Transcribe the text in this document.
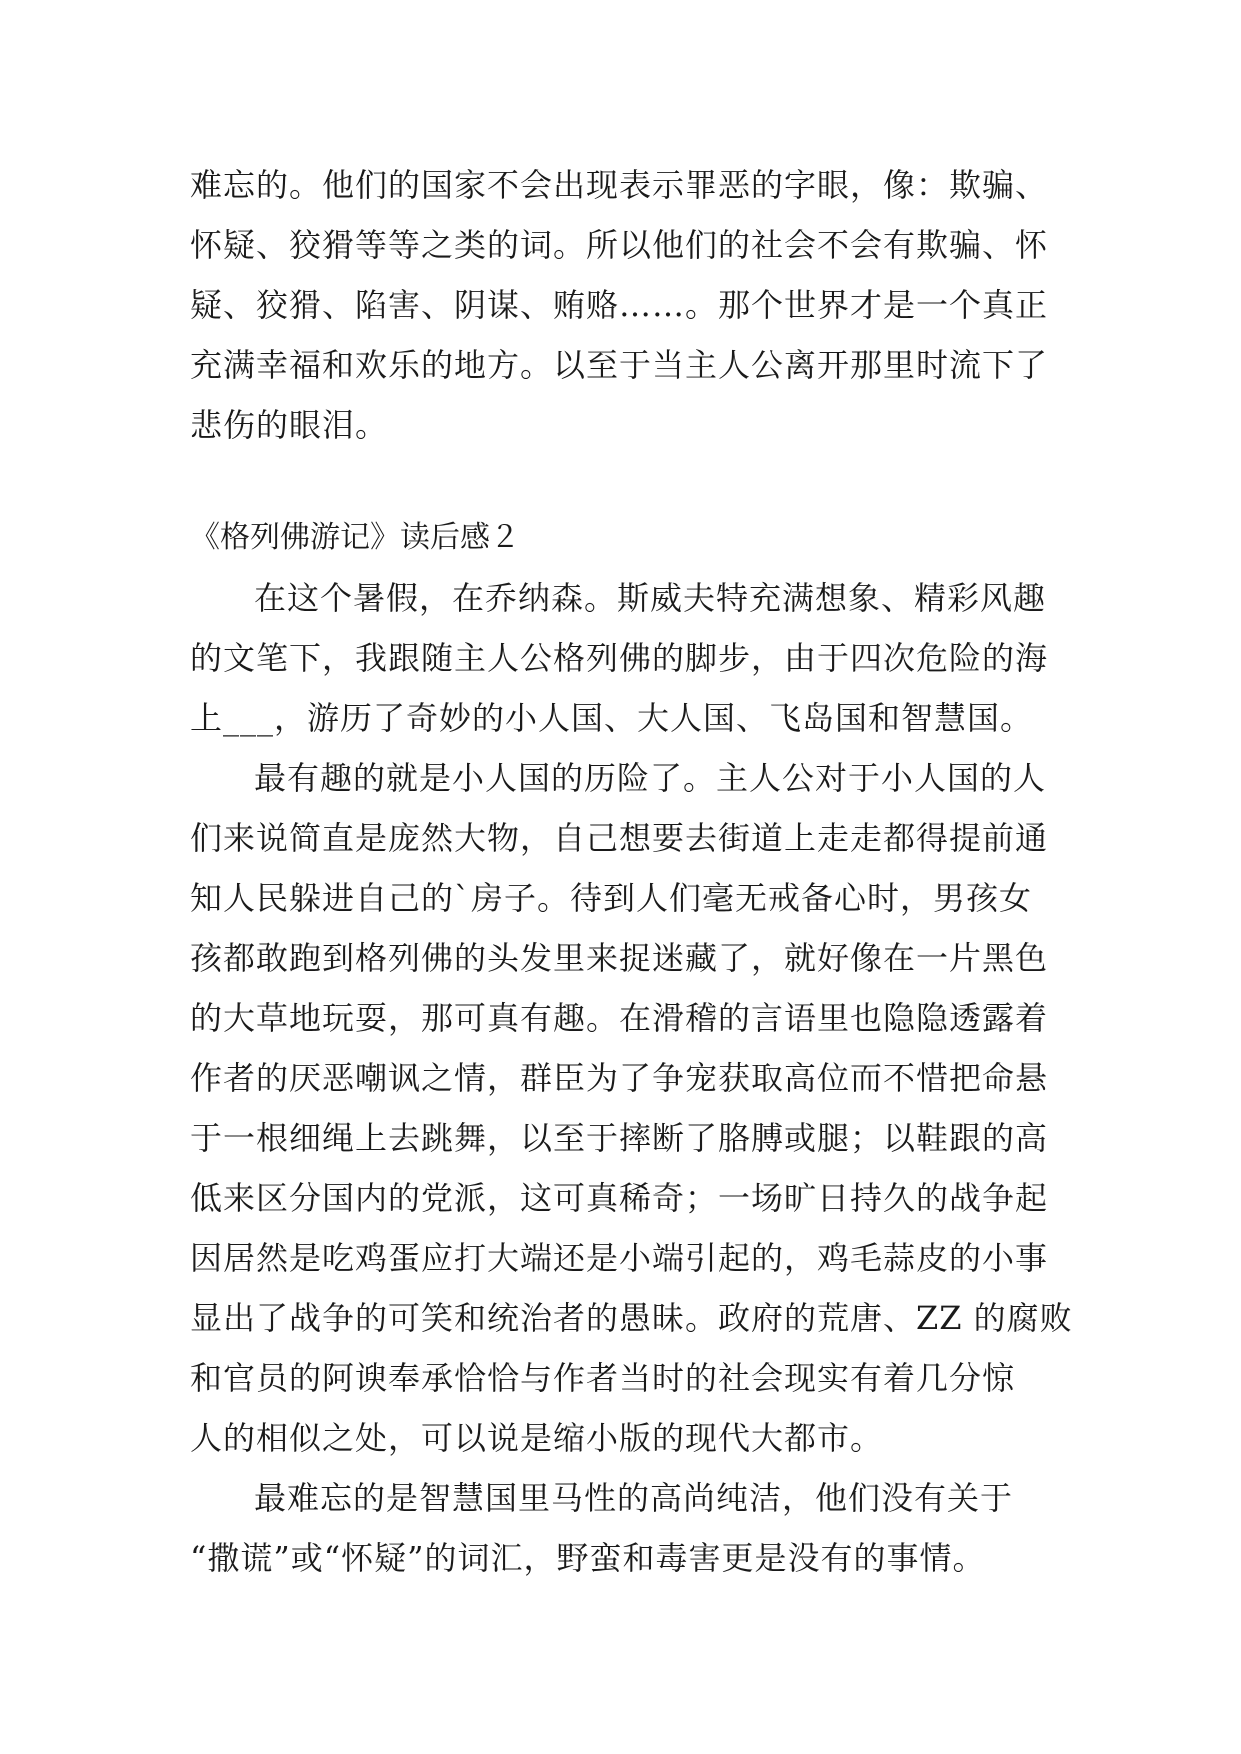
难忘的。他们的国家不会出现表示罪恶的字眼，像：欺骗、
怀疑、狡猾等等之类的词。所以他们的社会不会有欺骗、怀
疑、狡猾、陷害、阴谋、贿赂……。那个世界才是一个真正
充满幸福和欢乐的地方。以至于当主人公离开那里时流下了
悲伤的眼泪。
《格列佛游记》读后感２
在这个暑假，在乔纳森。斯威夫特充满想象、精彩风趣
的文笔下，我跟随主人公格列佛的脚步，由于四次危险的海
上___，游历了奇妙的小人国、大人国、飞岛国和智慧国。
最有趣的就是小人国的历险了。主人公对于小人国的人
们来说简直是庞然大物，自己想要去街道上走走都得提前通
知人民躲进自己的`房子。待到人们毫无戒备心时，男孩女
孩都敢跑到格列佛的头发里来捉迷藏了，就好像在一片黑色
的大草地玩耍，那可真有趣。在滑稽的言语里也隐隐透露着
作者的厌恶嘲讽之情，群臣为了争宠获取高位而不惜把命悬
于一根细绳上去跳舞，以至于摔断了胳膊或腿；以鞋跟的高
低来区分国内的党派，这可真稀奇；一场旷日持久的战争起
因居然是吃鸡蛋应打大端还是小端引起的，鸡毛蒜皮的小事
显出了战争的可笑和统治者的愚昧。政府的荒唐、ZZ 的腐败
和官员的阿谀奉承恰恰与作者当时的社会现实有着几分惊
人的相似之处，可以说是缩小版的现代大都市。
最难忘的是智慧国里马性的高尚纯洁，他们没有关于
“撒谎”或“怀疑”的词汇，野蛮和毒害更是没有的事情。
